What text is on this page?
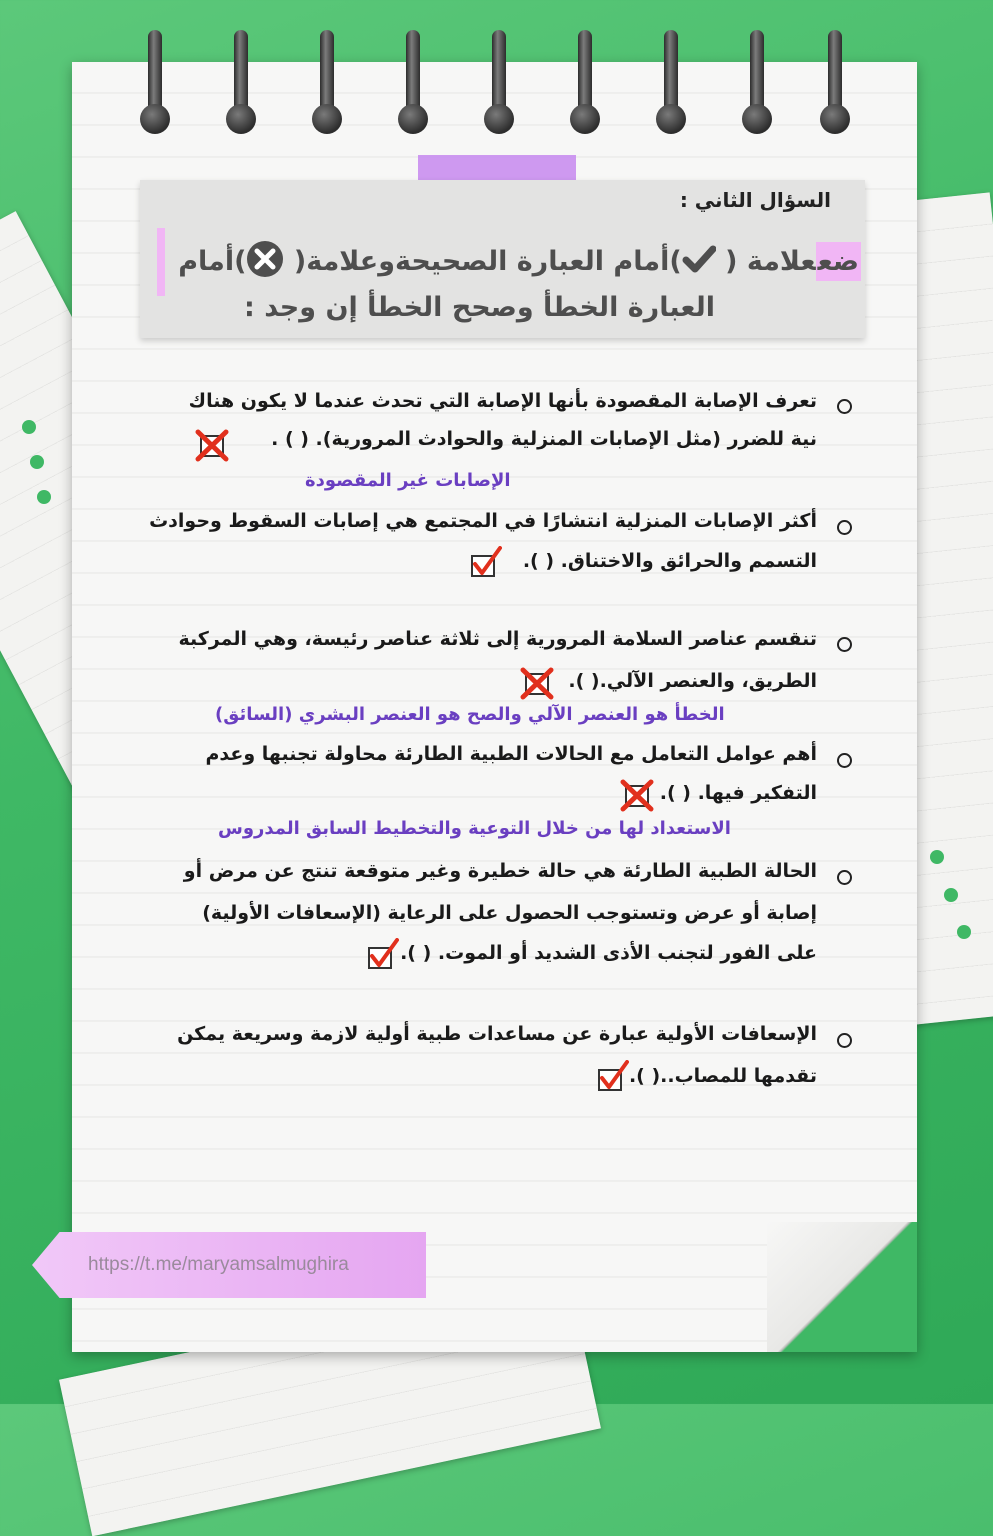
السؤال الثاني :
ضععلامة ( )أمام العبارة الصحيحةوعلامة( )أمام
العبارة الخطأ وصحح الخطأ إن وجد :
تعرف الإصابة المقصودة بأنها الإصابة التي تحدث عندما لا يكون هناك
نية للضرر (مثل الإصابات المنزلية والحوادث المرورية). ( ) .
الإصابات غير المقصودة
أكثر الإصابات المنزلية انتشارًا في المجتمع هي إصابات السقوط وحوادث
التسمم والحرائق والاختناق. ( ).
تنقسم عناصر السلامة المرورية إلى ثلاثة عناصر رئيسة، وهي المركبة
الطريق، والعنصر الآلي.( ).
الخطأ هو العنصر الآلي والصح هو العنصر البشري (السائق)
أهم عوامل التعامل مع الحالات الطبية الطارئة محاولة تجنبها وعدم
التفكير فيها. ( ).
الاستعداد لها من خلال التوعية والتخطيط السابق المدروس
الحالة الطبية الطارئة هي حالة خطيرة وغير متوقعة تنتج عن مرض أو
إصابة أو عرض وتستوجب الحصول على الرعاية (الإسعافات الأولية)
على الفور لتجنب الأذى الشديد أو الموت. ( ).
الإسعافات الأولية عبارة عن مساعدات طبية أولية لازمة وسريعة يمكن
تقدمها للمصاب..( ).
https://t.me/maryamsalmughira
